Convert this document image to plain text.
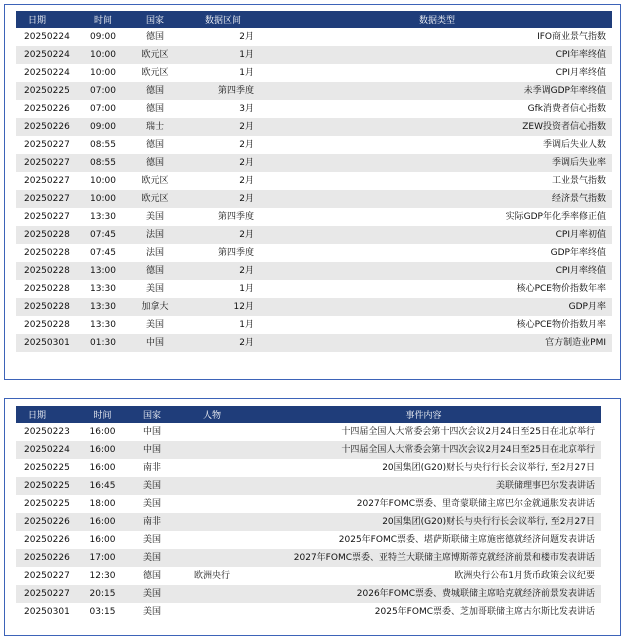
日期	时间	国家	数据区间	数据类型
20250224	09:00	德国	2月	IFO商业景气指数
20250224	10:00	欧元区	1月	CPI年率终值
20250224	10:00	欧元区	1月	CPI月率终值
20250225	07:00	德国	第四季度	未季调GDP年率终值
20250226	07:00	德国	3月	Gfk消费者信心指数
20250226	09:00	瑞士	2月	ZEW投资者信心指数
20250227	08:55	德国	2月	季调后失业人数
20250227	08:55	德国	2月	季调后失业率
20250227	10:00	欧元区	2月	工业景气指数
20250227	10:00	欧元区	2月	经济景气指数
20250227	13:30	美国	第四季度	实际GDP年化季率修正值
20250228	07:45	法国	2月	CPI月率初值
20250228	07:45	法国	第四季度	GDP年率终值
20250228	13:00	德国	2月	CPI月率终值
20250228	13:30	美国	1月	核心PCE物价指数年率
20250228	13:30	加拿大	12月	GDP月率
20250228	13:30	美国	1月	核心PCE物价指数月率
20250301	01:30	中国	2月	官方制造业PMI
日期	时间	国家	人物	事件内容
20250223	16:00	中国		十四届全国人大常委会第十四次会议2月24日至25日在北京举行
20250224	16:00	中国		十四届全国人大常委会第十四次会议2月24日至25日在北京举行
20250225	16:00	南非		20国集团(G20)财长与央行行长会议举行, 至2月27日
20250225	16:45	美国		美联储理事巴尔发表讲话
20250225	18:00	美国		2027年FOMC票委、里奇蒙联储主席巴尔金就通胀发表讲话
20250226	16:00	南非		20国集团(G20)财长与央行行长会议举行, 至2月27日
20250226	16:00	美国		2025年FOMC票委、堪萨斯联储主席施密德就经济问题发表讲话
20250226	17:00	美国		2027年FOMC票委、亚特兰大联储主席博斯蒂克就经济前景和楼市发表讲话
20250227	12:30	德国	欧洲央行	欧洲央行公布1月货币政策会议纪要
20250227	20:15	美国		2026年FOMC票委、费城联储主席哈克就经济前景发表讲话
20250301	03:15	美国		2025年FOMC票委、芝加哥联储主席古尔斯比发表讲话
